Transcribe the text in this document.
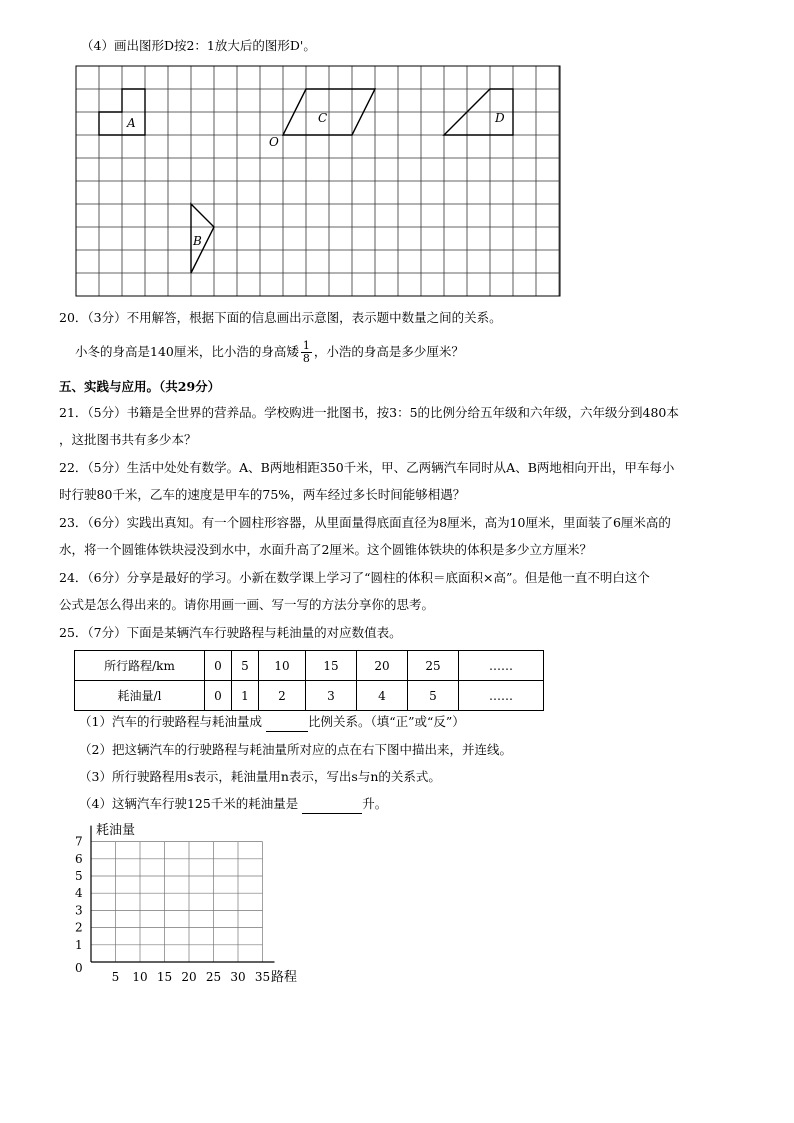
（4）画出图形D按2：1放大后的图形D'。
A
B
C	D
O
20．（3分）不用解答，根据下面的信息画出示意图，表示题中数量之间的关系。
小冬的身高是140厘米，比小浩的身高矮 $\frac{1}{8}$ ，小浩的身高是多少厘米？
五、实践与应用。（共29分）
21．（5分）书籍是全世界的营养品。学校购进一批图书，按3：5的比例分给五年级和六年级，六年级分到480本
，这批图书共有多少本？
22．（5分）生活中处处有数学。A、B两地相距350千米，甲、乙两辆汽车同时从A、B两地相向开出，甲车每小
时行驶80千米，乙车的速度是甲车的75%，两车经过多长时间能够相遇？
23．（6分）实践出真知。有一个圆柱形容器，从里面量得底面直径为8厘米，高为10厘米，里面装了6厘米高的
水，将一个圆锥体铁块浸没到水中，水面升高了2厘米。这个圆锥体铁块的体积是多少立方厘米？
24．（6分）分享是最好的学习。小新在数学课上学习了“圆柱的体积＝底面积×高”。但是他一直不明白这个
公式是怎么得出来的。请你用画一画、写一写的方法分享你的思考。
25．（7分）下面是某辆汽车行驶路程与耗油量的对应数值表。
所行路程/km	0	5	10	15	20	25	……
耗油量/l	0	1	2	3	4	5	……
（1）汽车的行驶路程与耗油量成	比例关系。（填“正”或“反”）
（2）把这辆汽车的行驶路程与耗油量所对应的点在右下图中描出来，并连线。
（3）所行驶路程用s表示，耗油量用n表示，写出s与n的关系式。
（4）这辆汽车行驶125千米的耗油量是	升。
5 10 15 20 25 30 35
1
2
3
4
5
6
7
耗油量
路程
0
